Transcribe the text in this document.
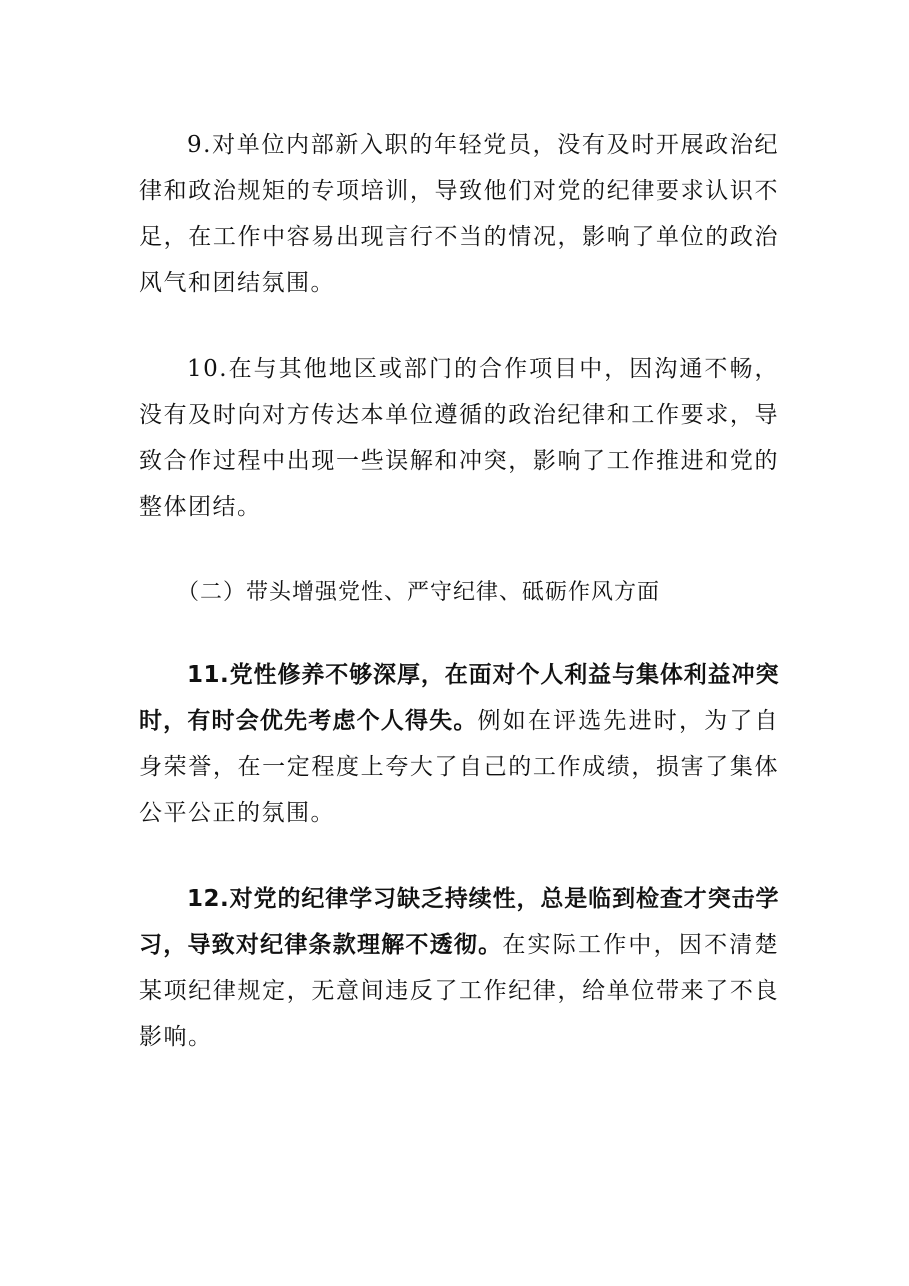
9.对单位内部新入职的年轻党员，没有及时开展政治纪律和政治规矩的专项培训，导致他们对党的纪律要求认识不足，在工作中容易出现言行不当的情况，影响了单位的政治风气和团结氛围。

10.在与其他地区或部门的合作项目中，因沟通不畅，没有及时向对方传达本单位遵循的政治纪律和工作要求，导致合作过程中出现一些误解和冲突，影响了工作推进和党的整体团结。

（二）带头增强党性、严守纪律、砥砺作风方面

11.党性修养不够深厚，在面对个人利益与集体利益冲突时，有时会优先考虑个人得失。例如在评选先进时，为了自身荣誉，在一定程度上夸大了自己的工作成绩，损害了集体公平公正的氛围。

12.对党的纪律学习缺乏持续性，总是临到检查才突击学习，导致对纪律条款理解不透彻。在实际工作中，因不清楚某项纪律规定，无意间违反了工作纪律，给单位带来了不良影响。
